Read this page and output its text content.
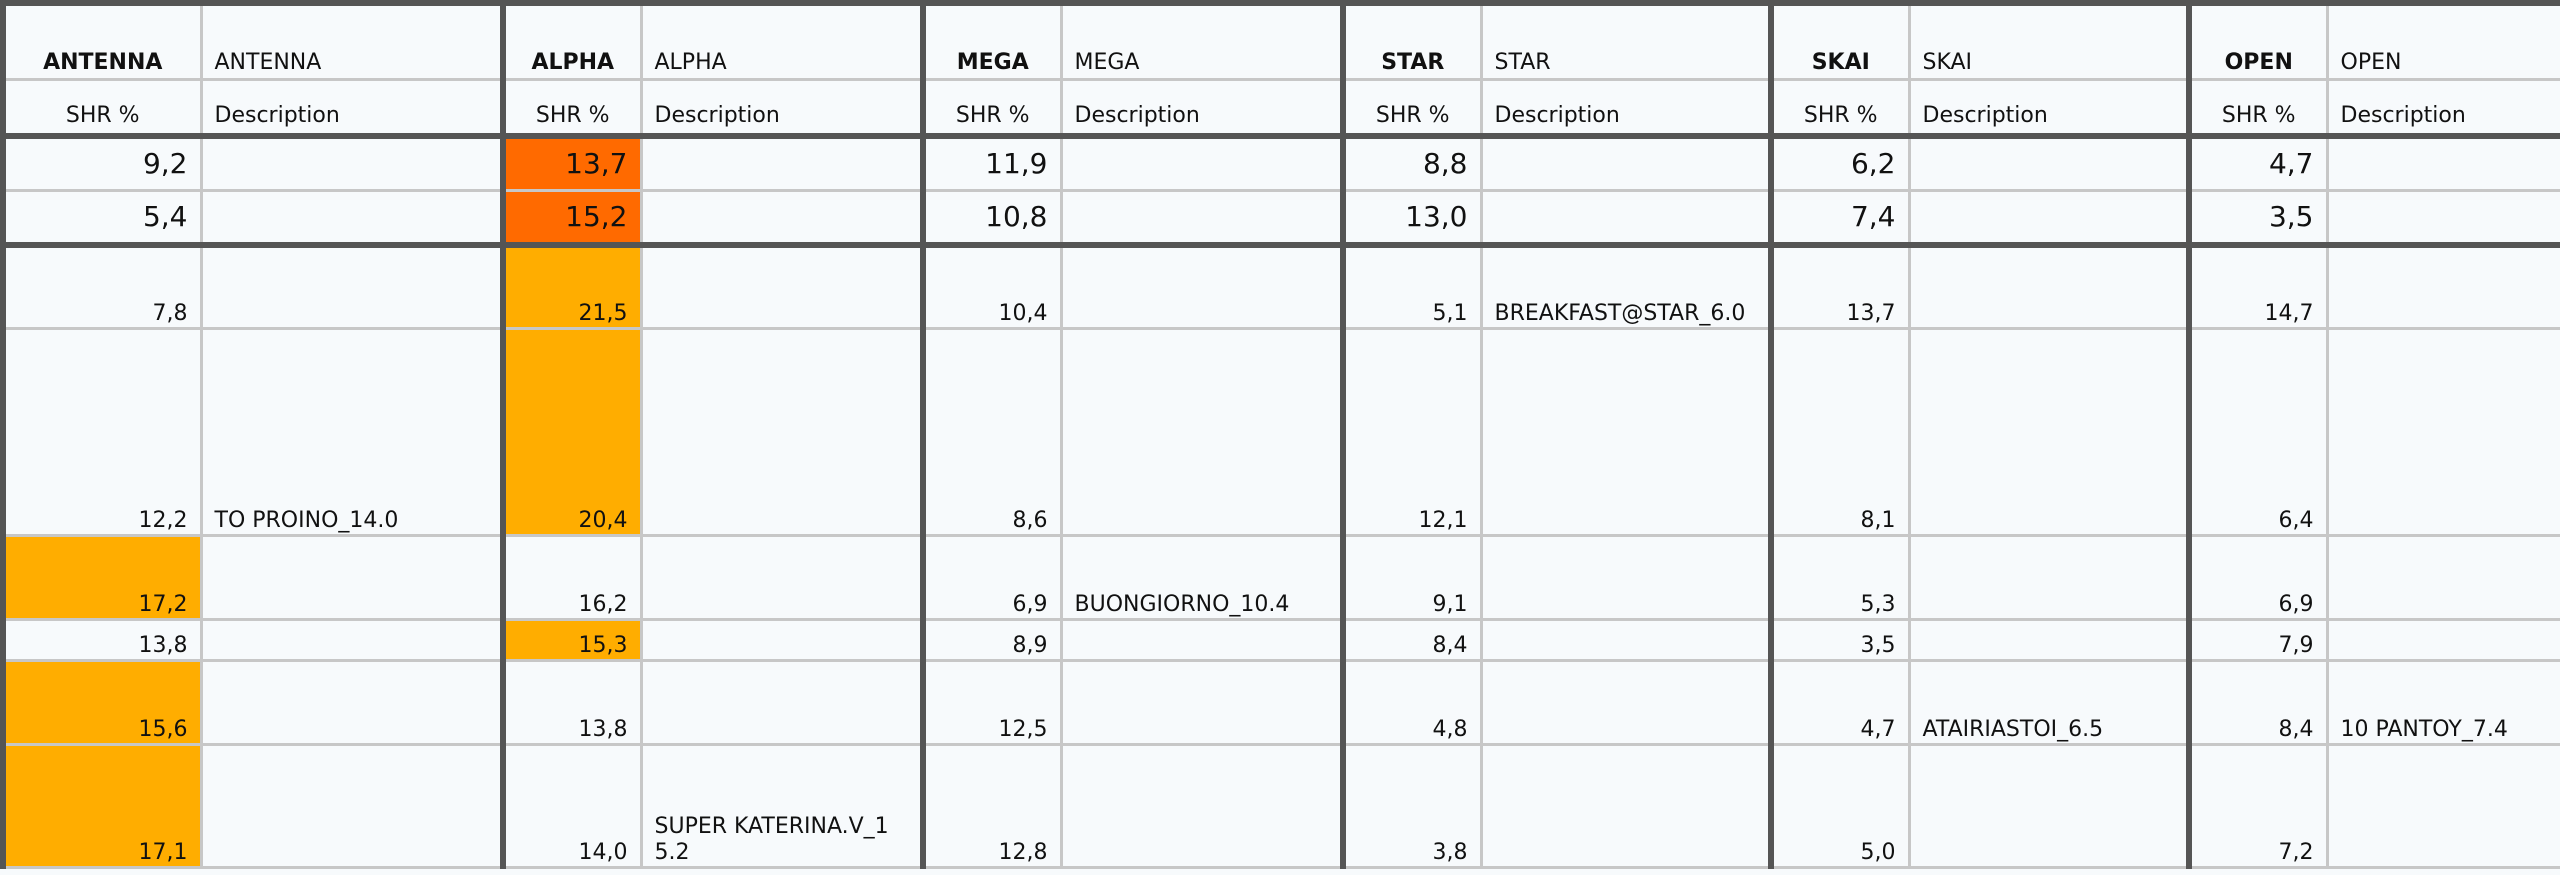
ANTENNA	ANTENNA	ALPHA	ALPHA	MEGA	MEGA	STAR	STAR	SKAI	SKAI	OPEN	OPEN
SHR %	Description	SHR %	Description	SHR %	Description	SHR %	Description	SHR %	Description	SHR %	Description
9,2		13,7		11,9		8,8		6,2		4,7	
5,4		15,2		10,8		13,0		7,4		3,5	
7,8		21,5		10,4		5,1	BREAKFAST@STAR_6.0	13,7		14,7	
12,2	TO PROINO_14.0	20,4		8,6		12,1		8,1		6,4	
17,2		16,2		6,9	BUONGIORNO_10.4	9,1		5,3		6,9	
13,8		15,3		8,9		8,4		3,5		7,9	
15,6		13,8		12,5		4,8		4,7	ATAIRIASTOI_6.5	8,4	10 PANTOY_7.4
17,1		14,0	SUPER KATERINA.V_15.2	12,8		3,8		5,0		7,2	
